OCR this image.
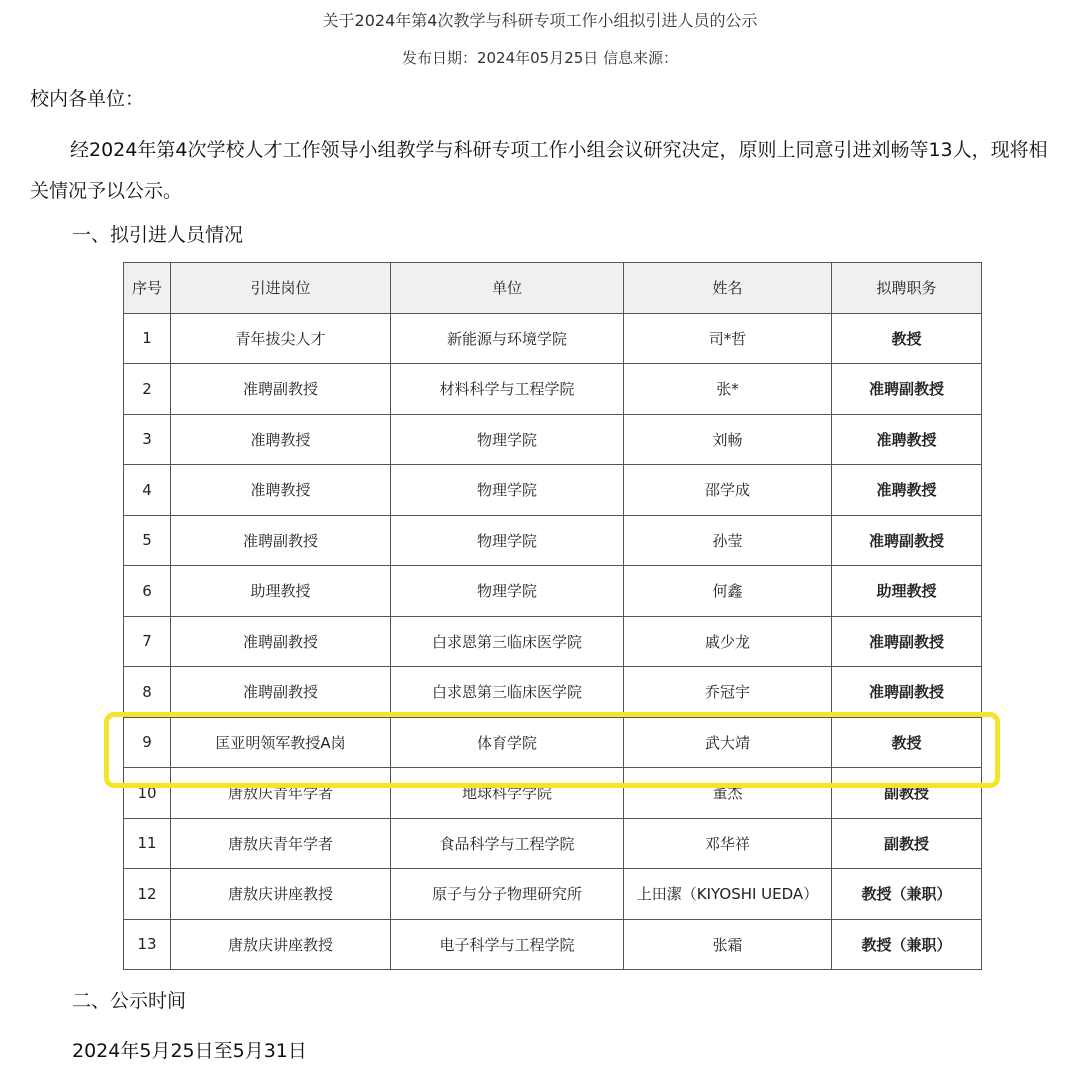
关于2024年第4次教学与科研专项工作小组拟引进人员的公示
发布日期：2024年05月25日 信息来源：
校内各单位：
经2024年第4次学校人才工作领导小组教学与科研专项工作小组会议研究决定，原则上同意引进刘畅等13人，现将相关情况予以公示。
一、拟引进人员情况
序号	引进岗位	单位	姓名	拟聘职务
1	青年拔尖人才	新能源与环境学院	司*哲	教授
2	准聘副教授	材料科学与工程学院	张*	准聘副教授
3	准聘教授	物理学院	刘畅	准聘教授
4	准聘教授	物理学院	邵学成	准聘教授
5	准聘副教授	物理学院	孙莹	准聘副教授
6	助理教授	物理学院	何鑫	助理教授
7	准聘副教授	白求恩第三临床医学院	戚少龙	准聘副教授
8	准聘副教授	白求恩第三临床医学院	乔冠宇	准聘副教授
9	匡亚明领军教授A岗	体育学院	武大靖	教授
10	唐敖庆青年学者	地球科学学院	董杰	副教授
11	唐敖庆青年学者	食品科学与工程学院	邓华祥	副教授
12	唐敖庆讲座教授	原子与分子物理研究所	上田潔（KIYOSHI UEDA）	教授（兼职）
13	唐敖庆讲座教授	电子科学与工程学院	张霜	教授（兼职）
二、公示时间
2024年5月25日至5月31日
